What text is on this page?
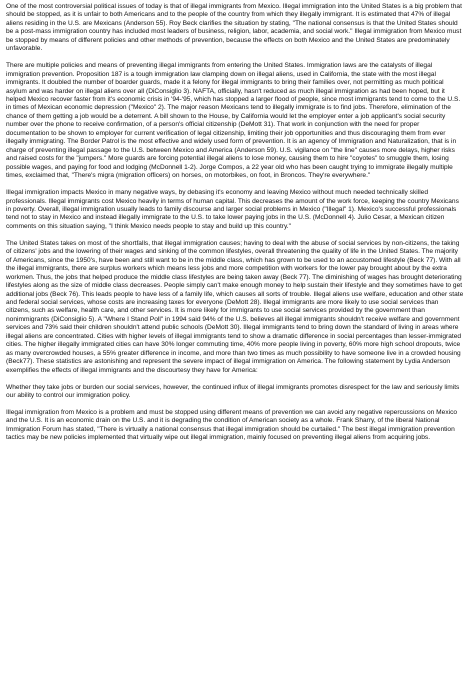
One of the most controversial political issues of today is that of illegal immigrants from Mexico. Illegal immigration into the United States is a big problem that should be stopped, as it is unfair to both Americans and to the people of the country from which they illegally immigrant. It is estimated that 47% of illegal aliens residing in the U.S. are Mexicans (Anderson 55). Roy Beck clarifies the situation by stating, "The national consensus is that the United States should be a post-mass immigration country has included most leaders of business, religion, labor, academia, and social work." Illegal immigration from Mexico must be stopped by means of different policies and other methods of prevention, because the effects on both Mexico and the United States are predominately unfavorable.

There are multiple policies and means of preventing illegal immigrants from entering the United States. Immigration laws are the catalysts of illegal immigration prevention. Proposition 187 is a tough immigration law clamping down on illegal aliens, used in California, the state with the most illegal immigrants. It doubled the number of boarder guards, made it a felony for illegal immigrants to bring their families over, not permitting as much political asylum and was harder on illegal aliens over all (DiConsiglio 3). NAFTA, officially, hasn't reduced as much illegal immigration as had been hoped, but it helped Mexico recover faster from it's economic crisis in '94-'95, which has stopped a larger flood of people, since most immigrants tend to come to the U.S. in times of Mexican economic depression ("Mexico" 2). The major reason Mexicans tend to illegally immigrate is to find jobs. Therefore, elimination of the chance of them getting a job would be a deterrent. A bill shown to the House, by California would let the employer enter a job applicant's social security number over the phone to receive confirmation, of a person's official citizenship (DeMott 31). That work in conjunction with the need for proper documentation to be shown to employer for current verification of legal citizenship, limiting their job opportunities and thus discouraging them from ever illegally immigrating. The Border Patrol is the most effective and widely used form of prevention. It is an agency of Immigration and Naturalization, that is in charge of preventing illegal passage to the U.S. between Mexico and America (Anderson 59). U.S. vigilance on "the line" causes more delays, higher risks and raised costs for the "jumpers." More guards are forcing potential illegal aliens to lose money, causing them to hire "coyotes" to smuggle them, losing possible wages, and paying for food and lodging (McDonnell 1-2). Jorge Compos, a 22 year old who has been caught trying to immigrate illegally multiple times, exclaimed that, "There's migra (migration officers) on horses, on motorbikes, on foot, in Broncos. They're everywhere."

Illegal immigration impacts Mexico in many negative ways, by debasing it's economy and leaving Mexico without much needed technically skilled professionals. Illegal immigrants cost Mexico heavily in terms of human capital. This decreases the amount of the work force, keeping the country Mexicans in poverty. Overall, illegal immigration usually leads to family discourse and larger social problems in Mexico ("Illegal" 1). Mexico's successful professionals tend not to stay in Mexico and instead illegally immigrate to the U.S. to take lower paying jobs in the U.S. (McDonnell 4). Julio Cesar, a Mexican citizen comments on this situation saying, "I think Mexico needs people to stay and build up this country."

The United States takes on most of the shortfalls, that illegal immigration causes; having to deal with the abuse of social services by non-citizens, the taking of citizens' jobs and the lowering of their wages and sinking of the common lifestyles, overall threatening the quality of life in the United States. The majority of Americans, since the 1950's, have been and still want to be in the middle class, which has grown to be used to an accustomed lifestyle (Beck 77). With all the illegal immigrants, there are surplus workers which means less jobs and more competition with workers for the lower pay brought about by the extra workmen. Thus, the jobs that helped produce the middle class lifestyles are being taken away (Beck 77). The diminishing of wages has brought deteriorating lifestyles along as the size of middle class decreases. People simply can't make enough money to help sustain their lifestyle and they sometimes have to get additional jobs (Beck 76). This leads people to have less of a family life, which causes all sorts of trouble. Illegal aliens use welfare, education and other state and federal social services, whose costs are increasing taxes for everyone (DeMott 28). Illegal immigrants are more likely to use social services than citizens, such as welfare, health care, and other services. It is more likely for immigrants to use social services provided by the government than nonimmigrants (DiConsiglio 5). A "Where I Stand Poll" in 1994 said 94% of the U.S. believes all illegal immigrants shouldn't receive welfare and government services and 73% said their children shouldn't attend public schools (DeMott 30). Illegal immigrants tend to bring down the standard of living in areas where illegal aliens are concentrated. Cities with higher levels of illegal immigrants tend to show a dramatic difference in social percentages than lesser-immigrated cities. The higher illegally immigrated cities can have 30% longer commuting time, 40% more people living in poverty, 60% more high school dropouts, twice as many overcrowded houses, a 55% greater difference in income, and more than two times as much possibility to have someone live in a crowded housing (Beck77). These statistics are astonishing and represent the severe impact of illegal immigration on America. The following statement by Lydia Anderson exemplifies the effects of illegal immigrants and the discourtesy they have for America:

Whether they take jobs or burden our social services, however, the continued influx of illegal immigrants promotes disrespect for the law and seriously limits our ability to control our immigration policy.

Illegal immigration from Mexico is a problem and must be stopped using different means of prevention we can avoid any negative repercussions on Mexico and the U.S. It is an economic drain on the U.S. and it is degrading the condition of American society as a whole. Frank Sharry, of the liberal National Immigration Forum has stated, "There is virtually a national consensus that illegal immigration should be curtailed." The best illegal immigration prevention tactics may be new policies implemented that virtually wipe out illegal immigration, mainly focused on preventing illegal aliens from acquiring jobs.
